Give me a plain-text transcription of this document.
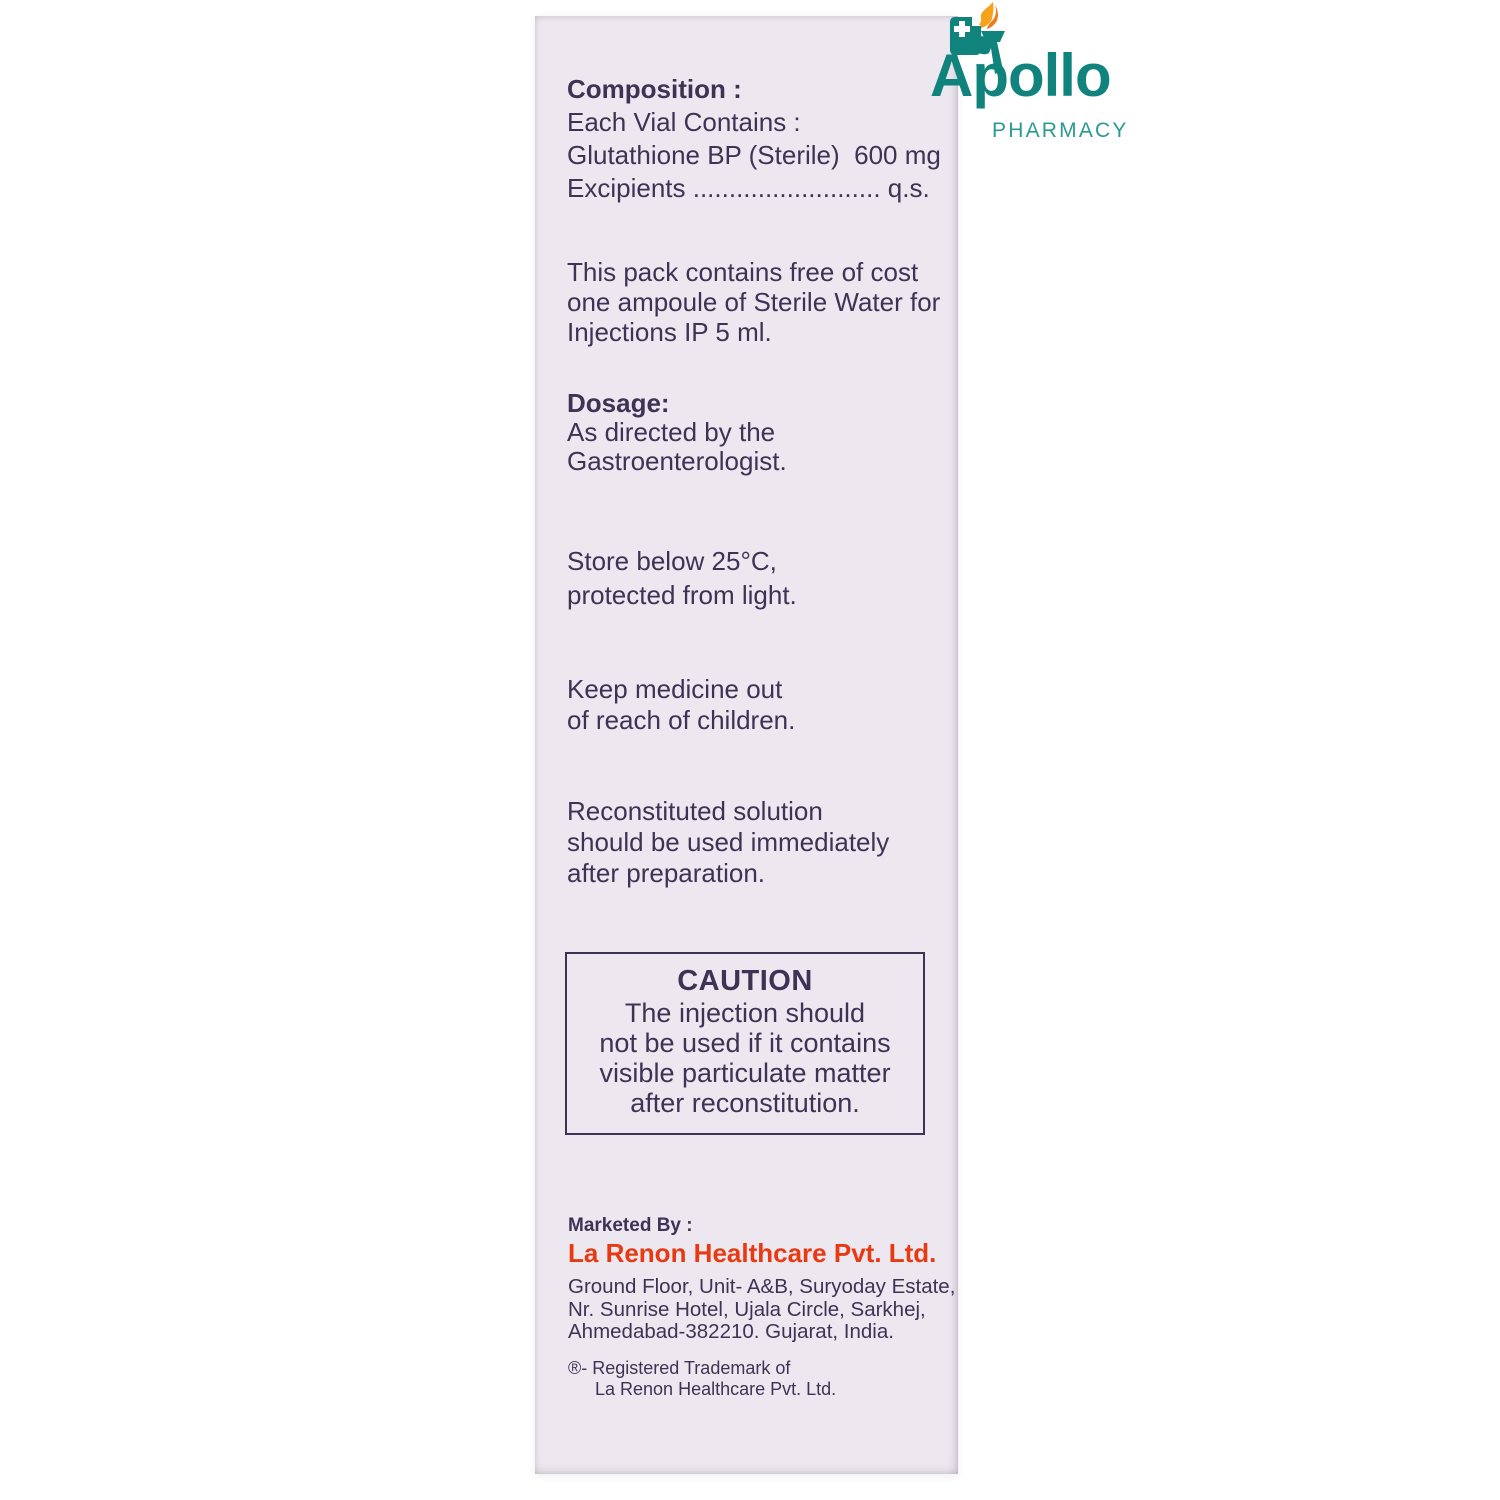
Composition :

Each Vial Contains :

Glutathione BP (Sterile)  600 mg

Excipients .......................... q.s.

This pack contains free of cost

one ampoule of Sterile Water for

Injections IP 5 ml.

Dosage:

As directed by the

Gastroenterologist.

Store below 25°C,

protected from light.

Keep medicine out

of reach of children.

Reconstituted solution

should be used immediately

after preparation.

CAUTION

The injection should

not be used if it contains

visible particulate matter

after reconstitution.

Marketed By :

La Renon Healthcare Pvt. Ltd.

Ground Floor, Unit- A&B, Suryoday Estate,

Nr. Sunrise Hotel, Ujala Circle, Sarkhej,

Ahmedabad-382210. Gujarat, India.

®- Registered Trademark of

La Renon Healthcare Pvt. Ltd.

Apollo
PHARMACY
